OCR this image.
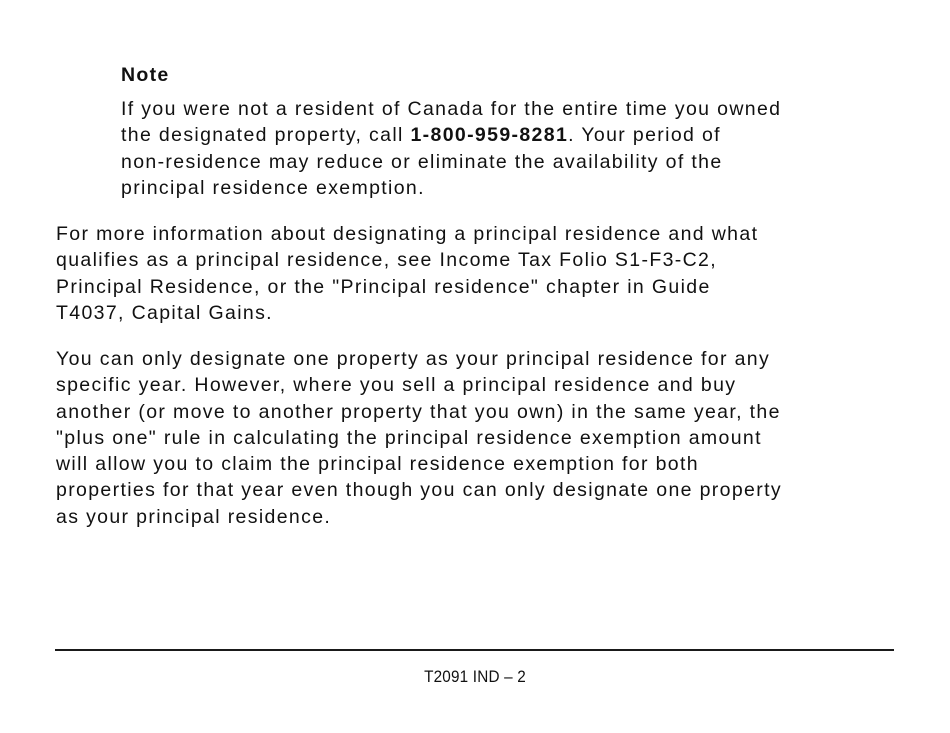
Note

If you were not a resident of Canada for the entire time you owned
the designated property, call 1-800-959-8281. Your period of
non-residence may reduce or eliminate the availability of the
principal residence exemption.

For more information about designating a principal residence and what
qualifies as a principal residence, see Income Tax Folio S1-F3-C2,
Principal Residence, or the "Principal residence" chapter in Guide
T4037, Capital Gains.

You can only designate one property as your principal residence for any
specific year. However, where you sell a principal residence and buy
another (or move to another property that you own) in the same year, the
"plus one" rule in calculating the principal residence exemption amount
will allow you to claim the principal residence exemption for both
properties for that year even though you can only designate one property
as your principal residence.

T2091 IND – 2
